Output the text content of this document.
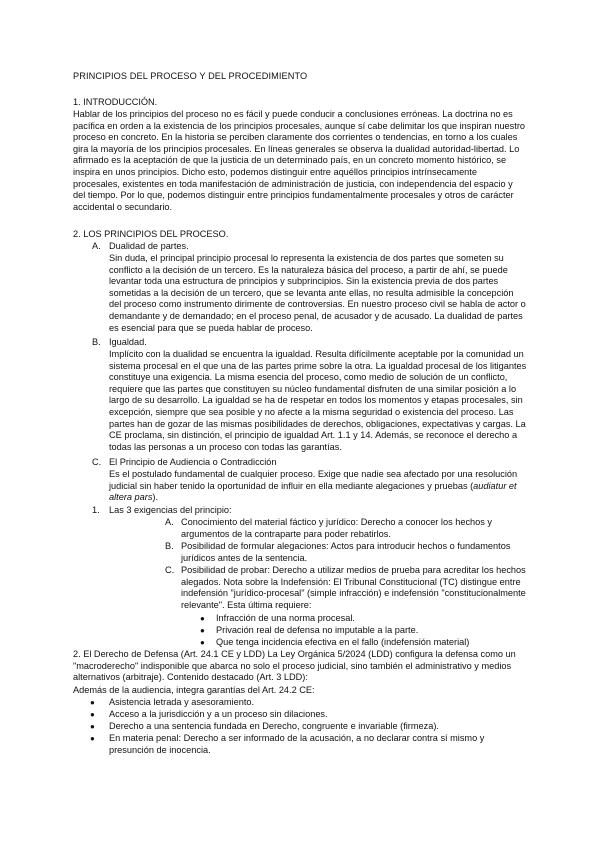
PRINCIPIOS DEL PROCESO Y DEL PROCEDIMIENTO
1. INTRODUCCIÓN.

Hablar de los principios del proceso no es fácil y puede conducir a conclusiones erróneas. La doctrina no es pacífica en orden a la existencia de los principios procesales, aunque sí cabe delimitar los que inspiran nuestro proceso en concreto. En la historia se perciben claramente dos corrientes o tendencias, en torno a los cuales gira la mayoría de los principios procesales. En líneas generales se observa la dualidad autoridad-libertad. Lo afirmado es la aceptación de que la justicia de un determinado país, en un concreto momento histórico, se inspira en unos principios. Dicho esto, podemos distinguir entre aquéllos principios intrínsecamente procesales, existentes en toda manifestación de administración de justicia, con independencia del espacio y del tiempo. Por lo que, podemos distinguir entre principios fundamentalmente procesales y otros de carácter accidental o secundario.

2. LOS PRINCIPIOS DEL PROCESO.
A. Dualidad de partes.

Sin duda, el principal principio procesal lo representa la existencia de dos partes que someten su conflicto a la decisión de un tercero. Es la naturaleza básica del proceso, a partir de ahí, se puede levantar toda una estructura de principios y subprincipios. Sin la existencia previa de dos partes sometidas a la decisión de un tercero, que se levanta ante ellas, no resulta admisible la concepción del proceso como instrumento dirimente de controversias. En nuestro proceso civil se habla de actor o demandante y de demandado; en el proceso penal, de acusador y de acusado. La dualidad de partes es esencial para que se pueda hablar de proceso.

B. Igualdad.

Implícito con la dualidad se encuentra la igualdad. Resulta difícilmente aceptable por la comunidad un sistema procesal en el que una de las partes prime sobre la otra. La igualdad procesal de los litigantes constituye una exigencia. La misma esencia del proceso, como medio de solución de un conflicto, requiere que las partes que constituyen su núcleo fundamental disfruten de una similar posición a lo largo de su desarrollo. La igualdad se ha de respetar en todos los momentos y etapas procesales, sin excepción, siempre que sea posible y no afecte a la misma seguridad o existencia del proceso. Las partes han de gozar de las mismas posibilidades de derechos, obligaciones, expectativas y cargas. La CE proclama, sin distinción, el principio de igualdad Art. 1.1 y 14. Además, se reconoce el derecho a todas las personas a un proceso con todas las garantías.

C. El Principio de Audiencia o Contradicción

Es el postulado fundamental de cualquier proceso. Exige que nadie sea afectado por una resolución judicial sin haber tenido la oportunidad de influir en ella mediante alegaciones y pruebas (audiatur et altera pars).

1. Las 3 exigencias del principio:
A. Conocimiento del material fáctico y jurídico: Derecho a conocer los hechos y argumentos de la contraparte para poder rebatirlos.

B. Posibilidad de formular alegaciones: Actos para introducir hechos o fundamentos jurídicos antes de la sentencia.

C. Posibilidad de probar: Derecho a utilizar medios de prueba para acreditar los hechos alegados. Nota sobre la Indefensión: El Tribunal Constitucional (TC) distingue entre indefensión "jurídico-procesal" (simple infracción) e indefensión "constitucionalmente relevante". Esta última requiere:

● Infracción de una norma procesal.
● Privación real de defensa no imputable a la parte.
● Que tenga incidencia efectiva en el fallo (indefensión material)

2. El Derecho de Defensa (Art. 24.1 CE y LDD) La Ley Orgánica 5/2024 (LDD) configura la defensa como un "macroderecho" indisponible que abarca no solo el proceso judicial, sino también el administrativo y medios alternativos (arbitraje). Contenido destacado (Art. 3 LDD):

Además de la audiencia, integra garantías del Art. 24.2 CE:

● Asistencia letrada y asesoramiento.
● Acceso a la jurisdicción y a un proceso sin dilaciones.
● Derecho a una sentencia fundada en Derecho, congruente e invariable (firmeza).
● En materia penal: Derecho a ser informado de la acusación, a no declarar contra sí mismo y presunción de inocencia.
